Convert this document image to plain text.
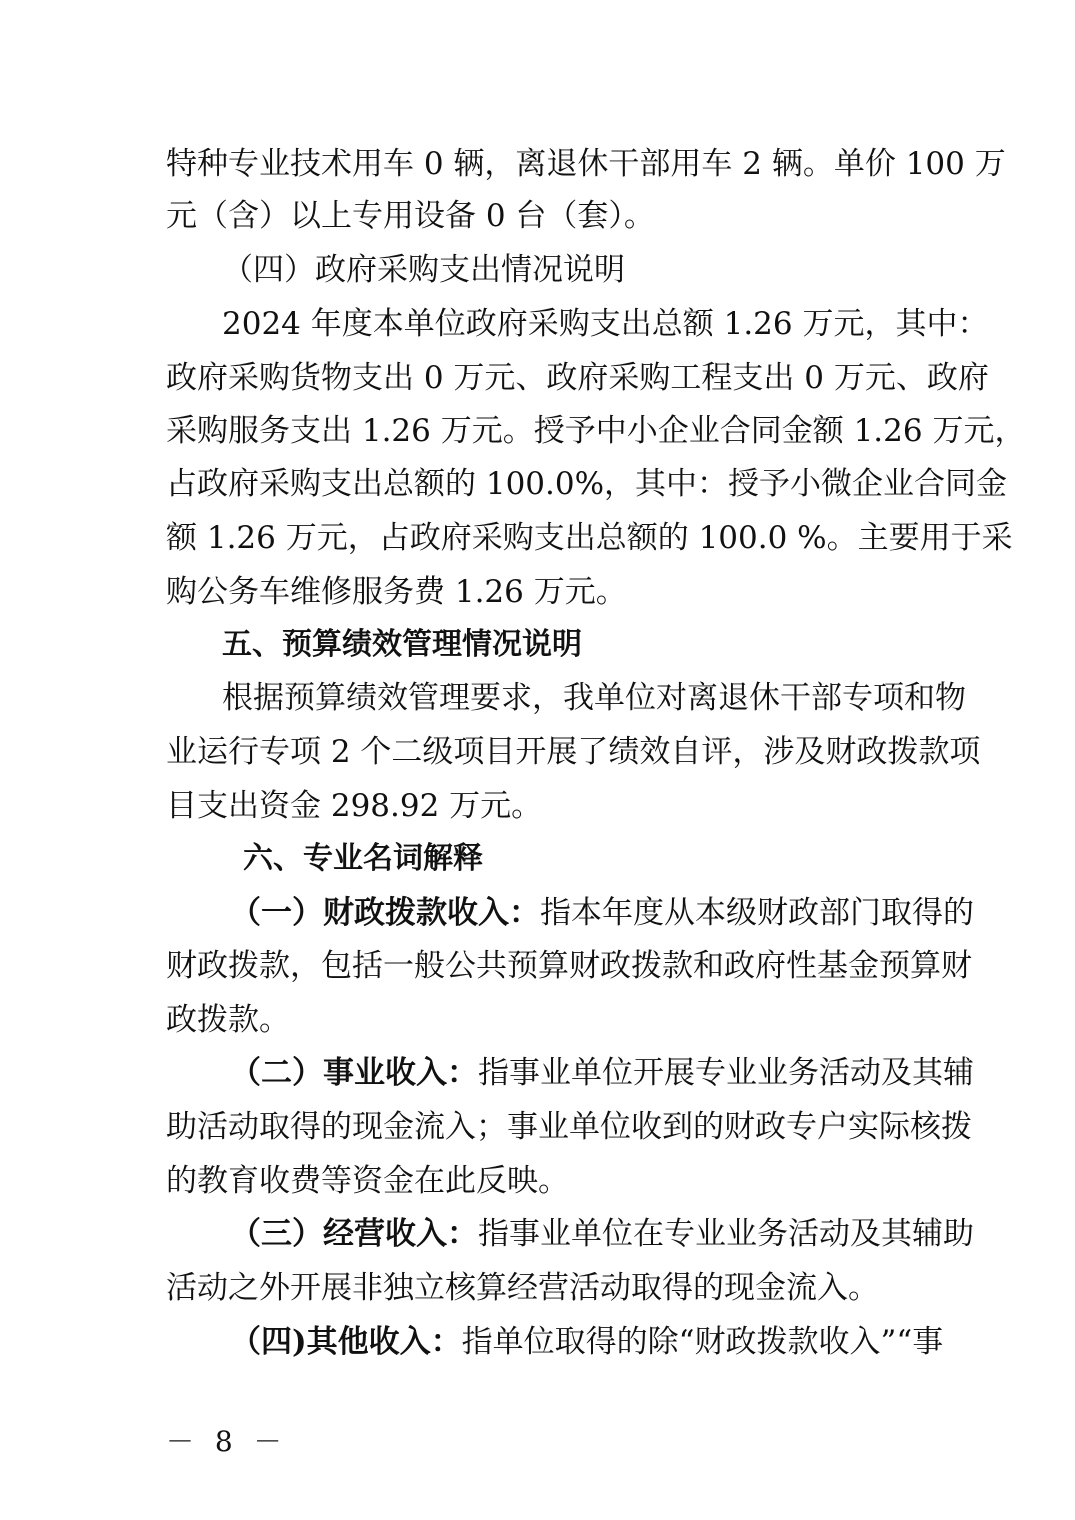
特种专业技术用车 0 辆，离退休干部用车 2 辆。单价 100 万
元（含）以上专用设备 0 台（套）。
（四）政府采购支出情况说明
2024 年度本单位政府采购支出总额 1.26 万元，其中：
政府采购货物支出 0 万元、政府采购工程支出 0 万元、政府
采购服务支出 1.26 万元。授予中小企业合同金额 1.26 万元，
占政府采购支出总额的 100.0%，其中：授予小微企业合同金
额 1.26 万元，占政府采购支出总额的 100.0 %。主要用于采
购公务车维修服务费 1.26 万元。
五、预算绩效管理情况说明
根据预算绩效管理要求，我单位对离退休干部专项和物
业运行专项 2 个二级项目开展了绩效自评，涉及财政拨款项
目支出资金 298.92 万元。
六、专业名词解释
（一）财政拨款收入：指本年度从本级财政部门取得的
财政拨款，包括一般公共预算财政拨款和政府性基金预算财
政拨款。
（二）事业收入：指事业单位开展专业业务活动及其辅
助活动取得的现金流入；事业单位收到的财政专户实际核拨
的教育收费等资金在此反映。
（三）经营收入：指事业单位在专业业务活动及其辅助
活动之外开展非独立核算经营活动取得的现金流入。
（四)其他收入：指单位取得的除“财政拨款收入”“事
－ 8 －
